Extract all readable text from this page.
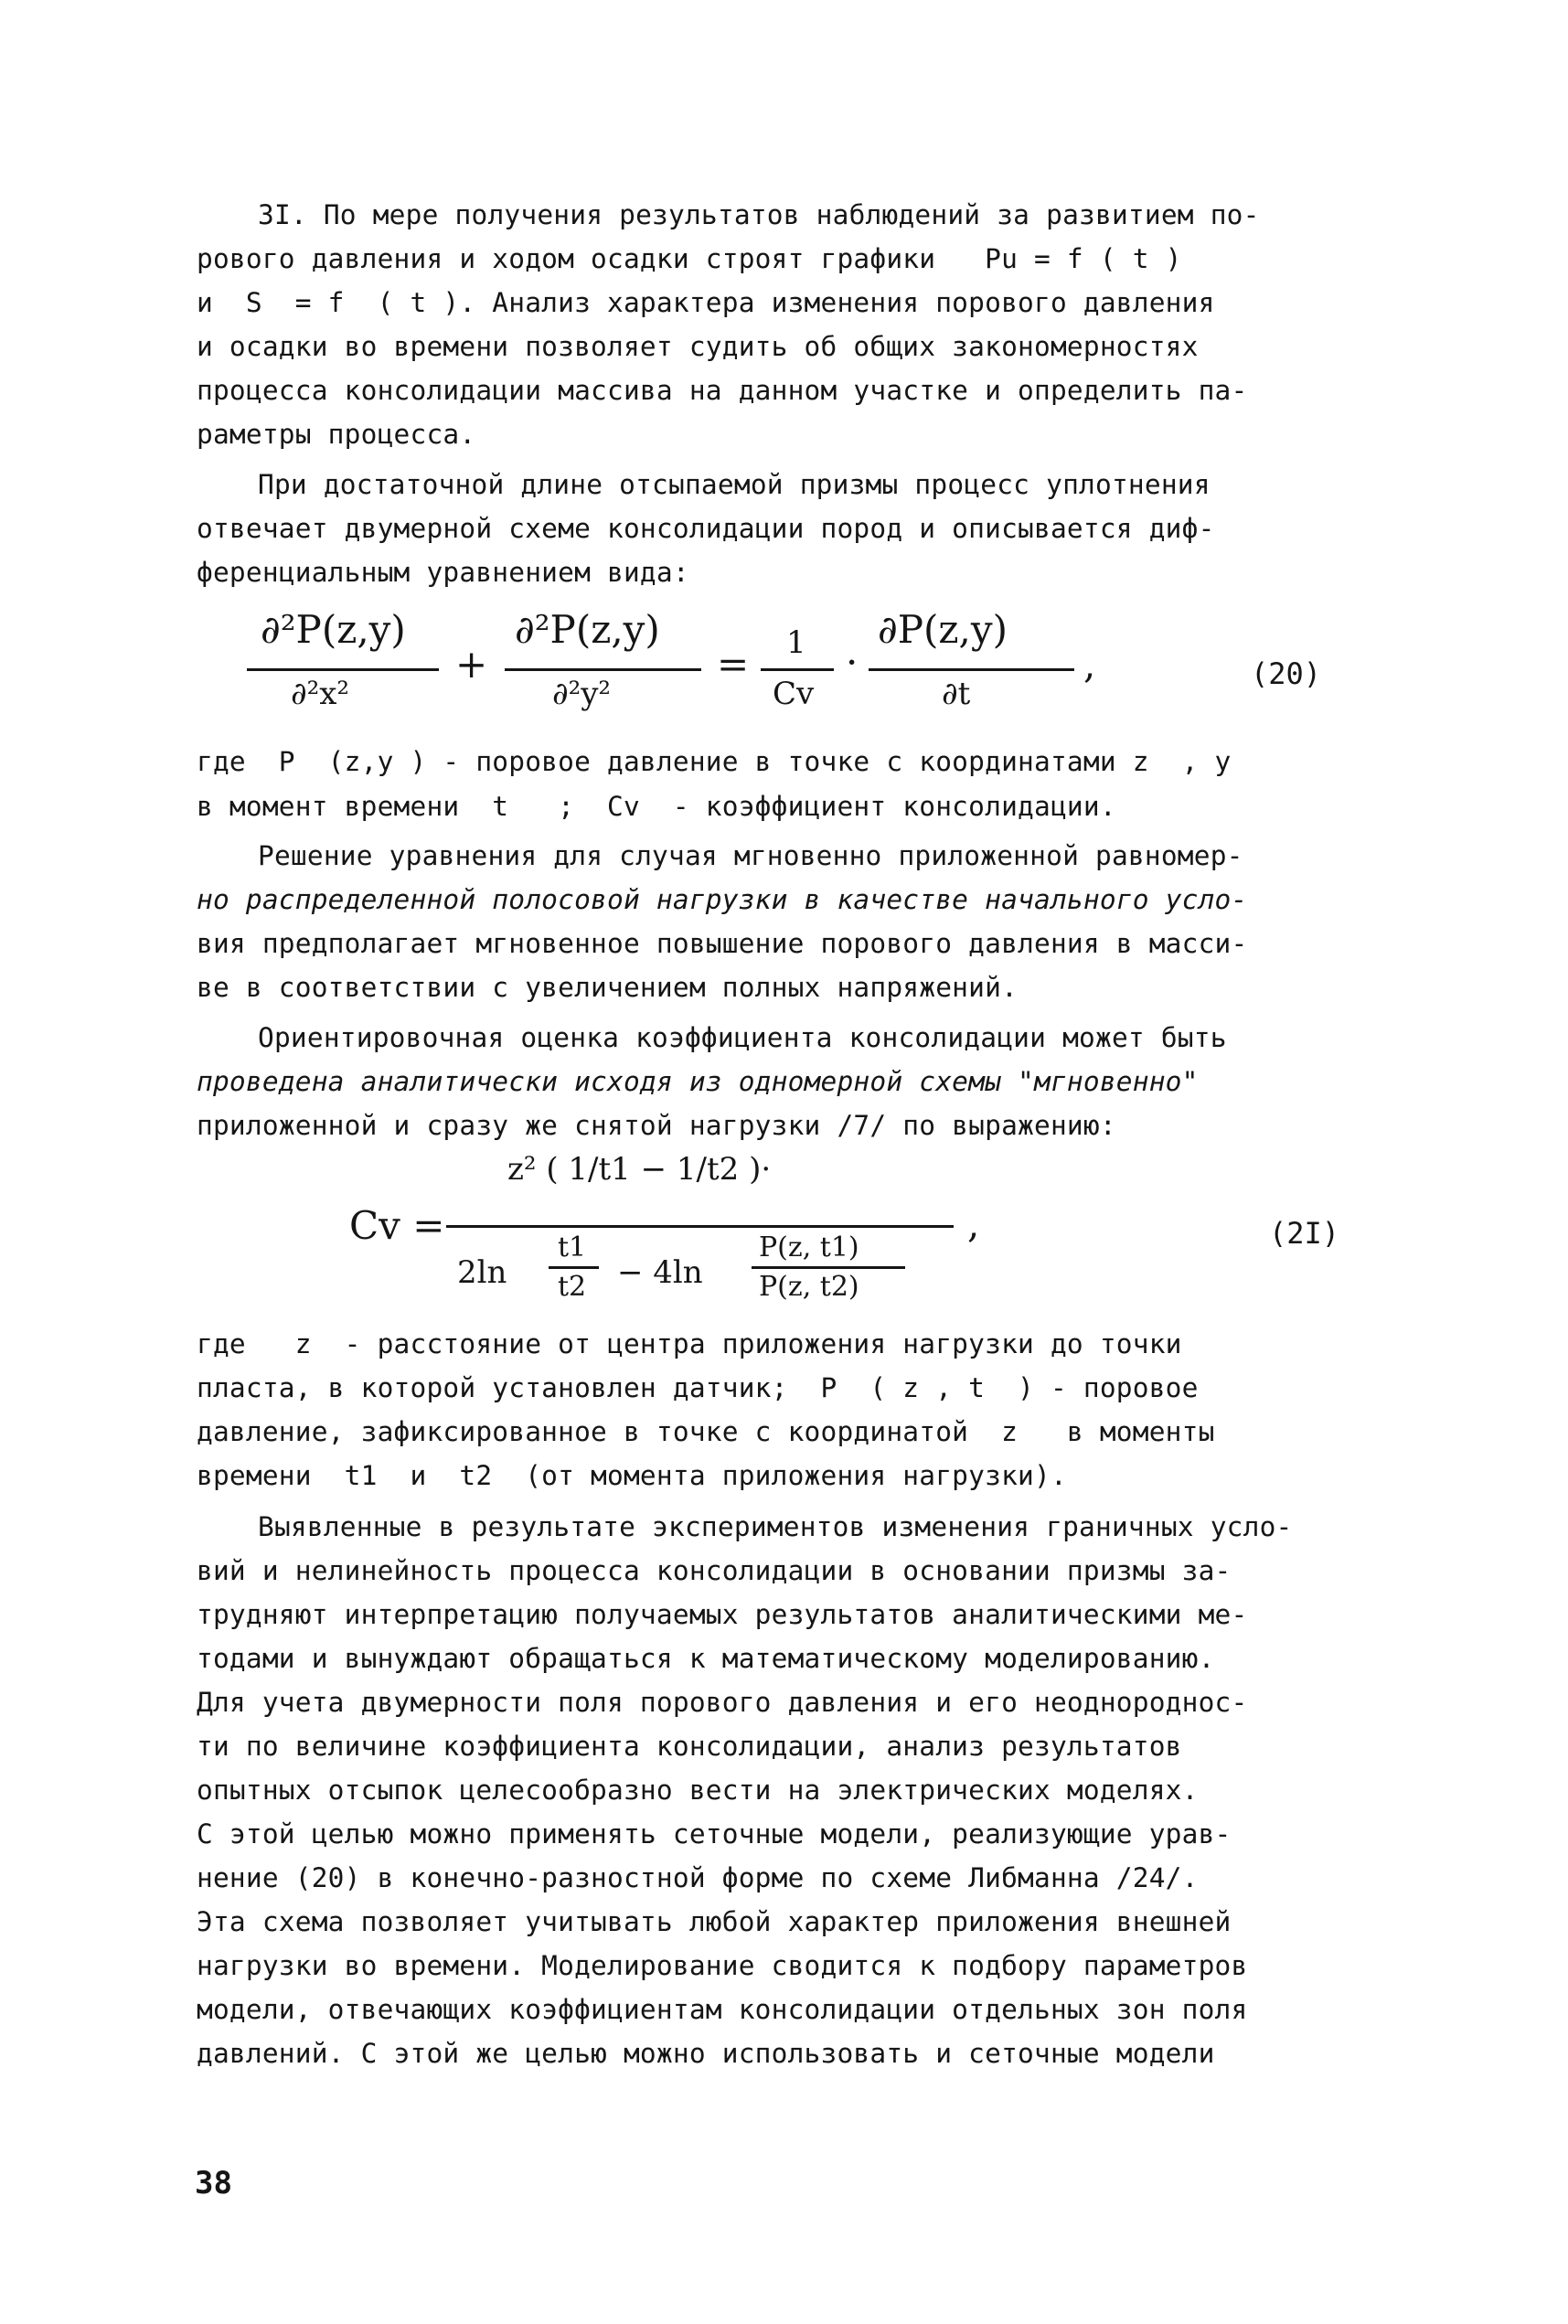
3I. По мере получения результатов наблюдений за развитием по-
рового давления и ходом осадки строят графики   Pu = f ( t )
и  S  = f  ( t ). Анализ характера изменения порового давления
и осадки во времени позволяет судить об общих закономерностях
процесса консолидации массива на данном участке и определить па-
раметры процесса.
При достаточной длине отсыпаемой призмы процесс уплотнения
отвечает двумерной схеме консолидации пород и описывается диф-
ференциальным уравнением вида:
∂²P(z,y)
∂²x²
+
∂²P(z,y)
∂²y²
= 1
Cv
·
∂P(z,y)
∂t
,	(20)
где  P  (z,y ) - поровое давление в точке с координатами z  , y
в момент времени  t   ;  Cv  - коэффициент консолидации.
Решение уравнения для случая мгновенно приложенной равномер-
но распределенной полосовой нагрузки в качестве начального усло-
вия предполагает мгновенное повышение порового давления в масси-
ве в соответствии с увеличением полных напряжений.
Ориентировочная оценка коэффициента консолидации может быть
проведена аналитически исходя из одномерной схемы "мгновенно"
приложенной и сразу же снятой нагрузки /7/ по выражению:
Cv =
z² ( 1/t1 − 1/t2 )·
2ln
t1
t2 − 4ln
P(z, t1)
P(z, t2)
,	(2I)
где   z  - расстояние от центра приложения нагрузки до точки
пласта, в которой установлен датчик;  P  ( z , t  ) - поровое
давление, зафиксированное в точке с координатой  z   в моменты
времени  t1  и  t2  (от момента приложения нагрузки).
Выявленные в результате экспериментов изменения граничных усло-
вий и нелинейность процесса консолидации в основании призмы за-
трудняют интерпретацию получаемых результатов аналитическими ме-
тодами и вынуждают обращаться к математическому моделированию.
Для учета двумерности поля порового давления и его неоднороднос-
ти по величине коэффициента консолидации, анализ результатов
опытных отсыпок целесообразно вести на электрических моделях.
С этой целью можно применять сеточные модели, реализующие урав-
нение (20) в конечно-разностной форме по схеме Либманна /24/.
Эта схема позволяет учитывать любой характер приложения внешней
нагрузки во времени. Моделирование сводится к подбору параметров
модели, отвечающих коэффициентам консолидации отдельных зон поля
давлений. С этой же целью можно использовать и сеточные модели
38
